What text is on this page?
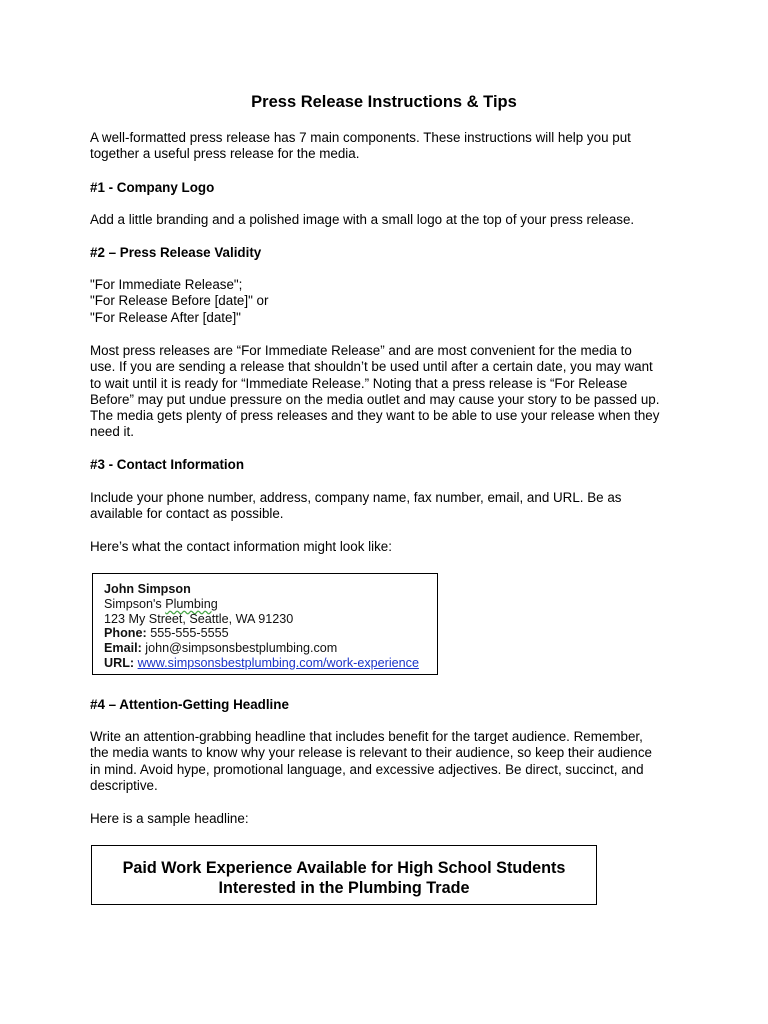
Press Release Instructions & Tips

A well-formatted press release has 7 main components. These instructions will help you put
together a useful press release for the media.

#1 - Company Logo

Add a little branding and a polished image with a small logo at the top of your press release.

#2 – Press Release Validity

"For Immediate Release";
"For Release Before [date]" or
"For Release After [date]"

Most press releases are “For Immediate Release” and are most convenient for the media to
use. If you are sending a release that shouldn’t be used until after a certain date, you may want
to wait until it is ready for “Immediate Release.” Noting that a press release is “For Release
Before” may put undue pressure on the media outlet and may cause your story to be passed up.
The media gets plenty of press releases and they want to be able to use your release when they
need it.

#3 - Contact Information

Include your phone number, address, company name, fax number, email, and URL. Be as
available for contact as possible.

Here’s what the contact information might look like:

John Simpson
Simpson's Plumbing
123 My Street, Seattle, WA 91230
Phone: 555-555-5555
Email: john@simpsonsbestplumbing.com
URL: www.simpsonsbestplumbing.com/work-experience

#4 – Attention-Getting Headline

Write an attention-grabbing headline that includes benefit for the target audience. Remember,
the media wants to know why your release is relevant to their audience, so keep their audience
in mind. Avoid hype, promotional language, and excessive adjectives. Be direct, succinct, and
descriptive.

Here is a sample headline:

Paid Work Experience Available for High School Students
Interested in the Plumbing Trade
